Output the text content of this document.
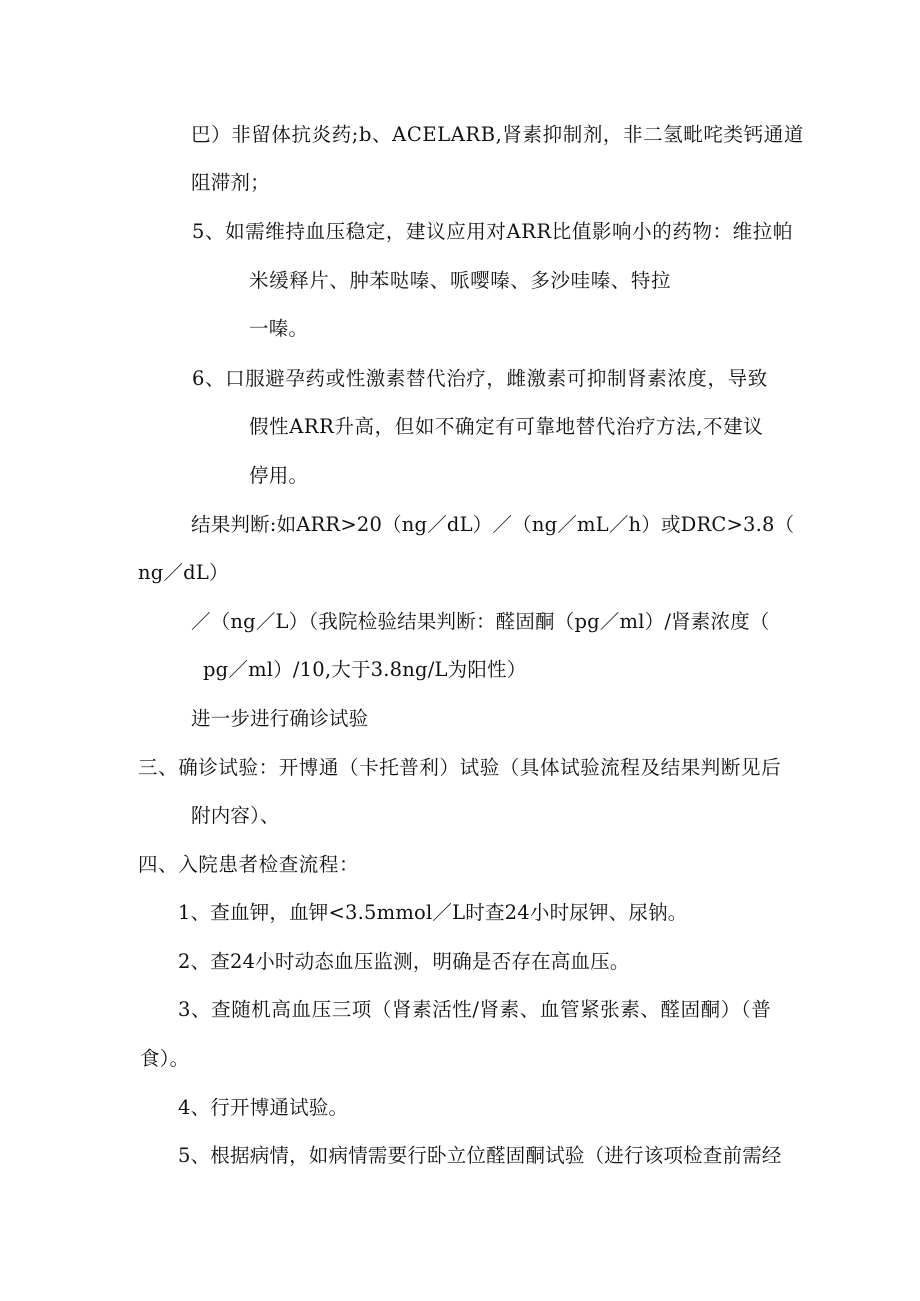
巴）非留体抗炎药;b、ACELARB,肾素抑制剂，非二氢毗咤类钙通道
阻滞剂；
5、如需维持血压稳定，建议应用对ARR比值影响小的药物：维拉帕
米缓释片、肿苯哒嗪、哌嘤嗪、多沙哇嗪、特拉
一嗪。
6、口服避孕药或性激素替代治疗，雌激素可抑制肾素浓度，导致
假性ARR升高，但如不确定有可靠地替代治疗方法,不建议
停用。
结果判断:如ARR>20（ng／dL）／（ng／mL／h）或DRC>3.8（
ng／dL）
／（ng／L）（我院检验结果判断：醛固酮（pg／ml）/肾素浓度（
pg／ml）/10,大于3.8ng/L为阳性）
进一步进行确诊试验
三、确诊试验：开博通（卡托普利）试验（具体试验流程及结果判断见后
附内容）、
四、入院患者检查流程：
1、查血钾，血钾<3.5mmol／L时查24小时尿钾、尿钠。
2、查24小时动态血压监测，明确是否存在高血压。
3、查随机高血压三项（肾素活性/肾素、血管紧张素、醛固酮）（普
食）。
4、行开博通试验。
5、根据病情，如病情需要行卧立位醛固酮试验（进行该项检查前需经
